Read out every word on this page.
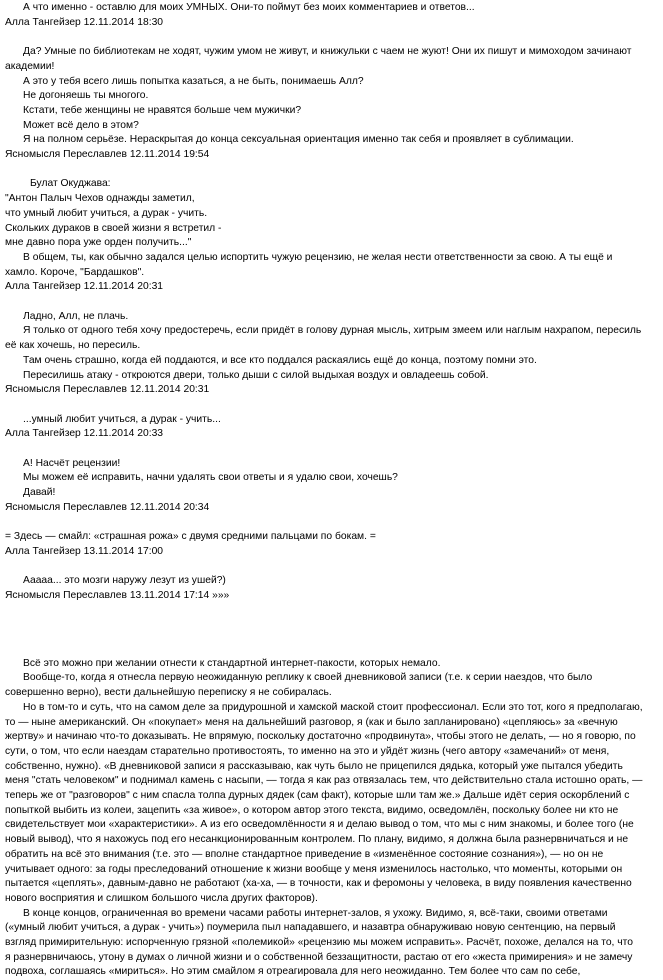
А что именно - оставлю для моих УМНЫХ. Они-то поймут без моих комментариев и ответов...
Алла Тангейзер 12.11.2014 18:30
Да? Умные по библиотекам не ходят, чужим умом не живут, и книжульки с чаем не жуют! Они их пишут и мимоходом зачинают
академии!
А это у тебя всего лишь попытка казаться, а не быть, понимаешь Алл?
Не догоняешь ты многого.
Кстати, тебе женщины не нравятся больше чем мужички?
Может всё дело в этом?
Я на полном серьёзе. Нераскрытая до конца сексуальная ориентация именно так себя и проявляет в сублимации.
Ясномысля Переславлев 12.11.2014 19:54
Булат Окуджава:
"Антон Палыч Чехов однажды заметил,
что умный любит учиться, а дурак - учить.
Скольких дураков в своей жизни я встретил -
мне давно пора уже орден получить..."
В общем, ты, как обычно задался целью испортить чужую рецензию, не желая нести ответственности за свою. А ты ещё и
хамло. Короче, "Бардашков".
Алла Тангейзер 12.11.2014 20:31
Ладно, Алл, не плачь.
Я только от одного тебя хочу предостеречь, если придёт в голову дурная мысль, хитрым змеем или наглым нахрапом, пересиль
её как хочешь, но пересиль.
Там очень страшно, когда ей поддаются, и все кто поддался раскаялись ещё до конца, поэтому помни это.
Пересилишь атаку - откроются двери, только дыши с силой выдыхая воздух и овладеешь собой.
Ясномысля Переславлев 12.11.2014 20:31
...умный любит учиться, а дурак - учить...
Алла Тангейзер 12.11.2014 20:33
А! Насчёт рецензии!
Мы можем её исправить, начни удалять свои ответы и я удалю свои, хочешь?
Давай!
Ясномысля Переславлев 12.11.2014 20:34
= Здесь — смайл: «страшная рожа» с двумя средними пальцами по бокам. =
Алла Тангейзер 13.11.2014 17:00
Ааааа... это мозги наружу лезут из ушей?)
Ясномысля Переславлев 13.11.2014 17:14 »»»
Всё это можно при желании отнести к стандартной интернет-пакости, которых немало.
Вообще-то, когда я отнесла первую неожиданную реплику к своей дневниковой записи (т.е. к серии наездов, что было
совершенно верно), вести дальнейшую переписку я не собиралась.
Но в том-то и суть, что на самом деле за придурошной и хамской маской стоит профессионал. Если это тот, кого я предполагаю,
то — ныне американский. Он «покупает» меня на дальнейший разговор, я (как и было запланировано) «цепляюсь» за «вечную
жертву» и начинаю что-то доказывать. Не впрямую, поскольку достаточно «продвинута», чтобы этого не делать, — но я говорю, по
сути, о том, что если наездам старательно противостоять, то именно на это и уйдёт жизнь (чего автору «замечаний» от меня,
собственно, нужно). «В дневниковой записи я рассказываю, как чуть было не прицепился дядька, который уже пытался убедить
меня "стать человеком" и поднимал камень с насыпи, — тогда я как раз отвязалась тем, что действительно стала истошно орать, —
теперь же от "разговоров" с ним спасла толпа дурных дядек (сам факт), которые шли там же.» Дальше идёт серия оскорблений с
попыткой выбить из колеи, зацепить «за живое», о котором автор этого текста, видимо, осведомлён, поскольку более ни кто не
свидетельствует мои «характеристики». А из его осведомлённости я и делаю вывод о том, что мы с ним знакомы, и более того (не
новый вывод), что я нахожусь под его несанкционированным контролем. По плану, видимо, я должна была разнервничаться и не
обратить на всё это внимания (т.е. это — вполне стандартное приведение в «изменённое состояние сознания»), — но он не
учитывает одного: за годы преследований отношение к жизни вообще у меня изменилось настолько, что моменты, которыми он
пытается «цеплять», давным-давно не работают (ха-ха, — в точности, как и феромоны у человека, в виду появления качественно
нового восприятия и слишком большого числа других факторов).
В конце концов, ограниченная во времени часами работы интернет-залов, я ухожу. Видимо, я, всё-таки, своими ответами
(«умный любит учиться, а дурак - учить») поумерила пыл нападавшего, и назавтра обнаруживаю новую сентенцию, на первый
взгляд примирительную: испорченную грязной «полемикой» «рецензию мы можем исправить». Расчёт, похоже, делался на то, что
я разнервничаюсь, утону в думах о личной жизни и о собственной беззащитности, растаю от его «жеста примирения» и не замечу
подвоха, соглашаясь «мириться». Но этим смайлом я отреагировала для него неожиданно. Тем более что сам по себе,
